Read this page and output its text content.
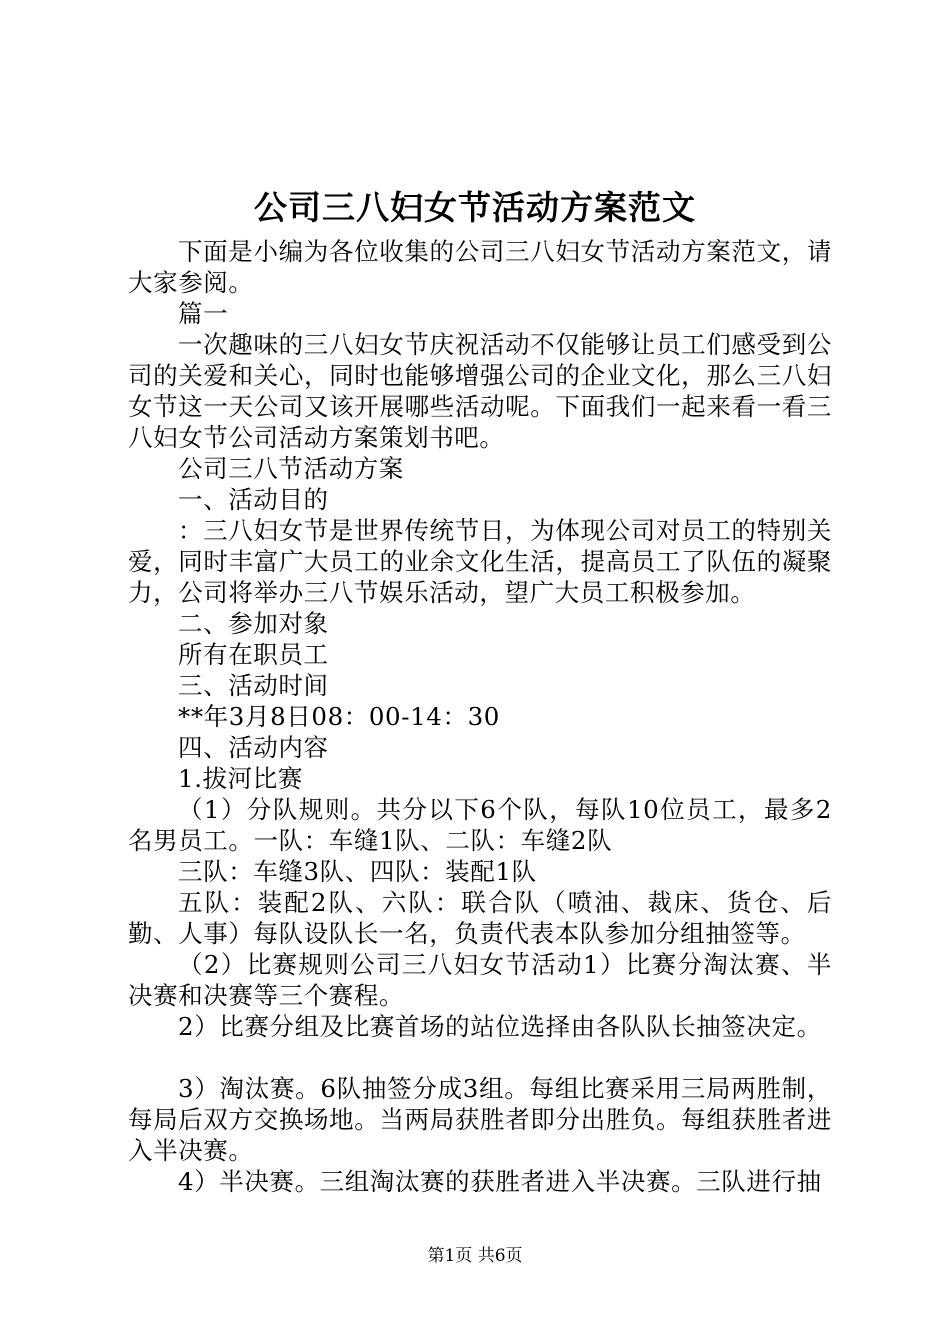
公司三八妇女节活动方案范文

下面是小编为各位收集的公司三八妇女节活动方案范文，请大家参阅。

篇一

一次趣味的三八妇女节庆祝活动不仅能够让员工们感受到公司的关爱和关心，同时也能够增强公司的企业文化，那么三八妇女节这一天公司又该开展哪些活动呢。下面我们一起来看一看三八妇女节公司活动方案策划书吧。

公司三八节活动方案

一、活动目的

：三八妇女节是世界传统节日，为体现公司对员工的特别关爱，同时丰富广大员工的业余文化生活，提高员工了队伍的凝聚力，公司将举办三八节娱乐活动，望广大员工积极参加。

二、参加对象

所有在职员工

三、活动时间

**年3月8日08：00-14：30

四、活动内容

1.拔河比赛

（1）分队规则。共分以下6个队，每队10位员工，最多2名男员工。一队：车缝1队、二队：车缝2队

三队：车缝3队、四队：装配1队

五队：装配2队、六队：联合队（喷油、裁床、货仓、后勤、人事）每队设队长一名，负责代表本队参加分组抽签等。

（2）比赛规则公司三八妇女节活动1）比赛分淘汰赛、半决赛和决赛等三个赛程。

2）比赛分组及比赛首场的站位选择由各队队长抽签决定。

3）淘汰赛。6队抽签分成3组。每组比赛采用三局两胜制，每局后双方交换场地。当两局获胜者即分出胜负。每组获胜者进入半决赛。

4）半决赛。三组淘汰赛的获胜者进入半决赛。三队进行抽

第1页 共6页
